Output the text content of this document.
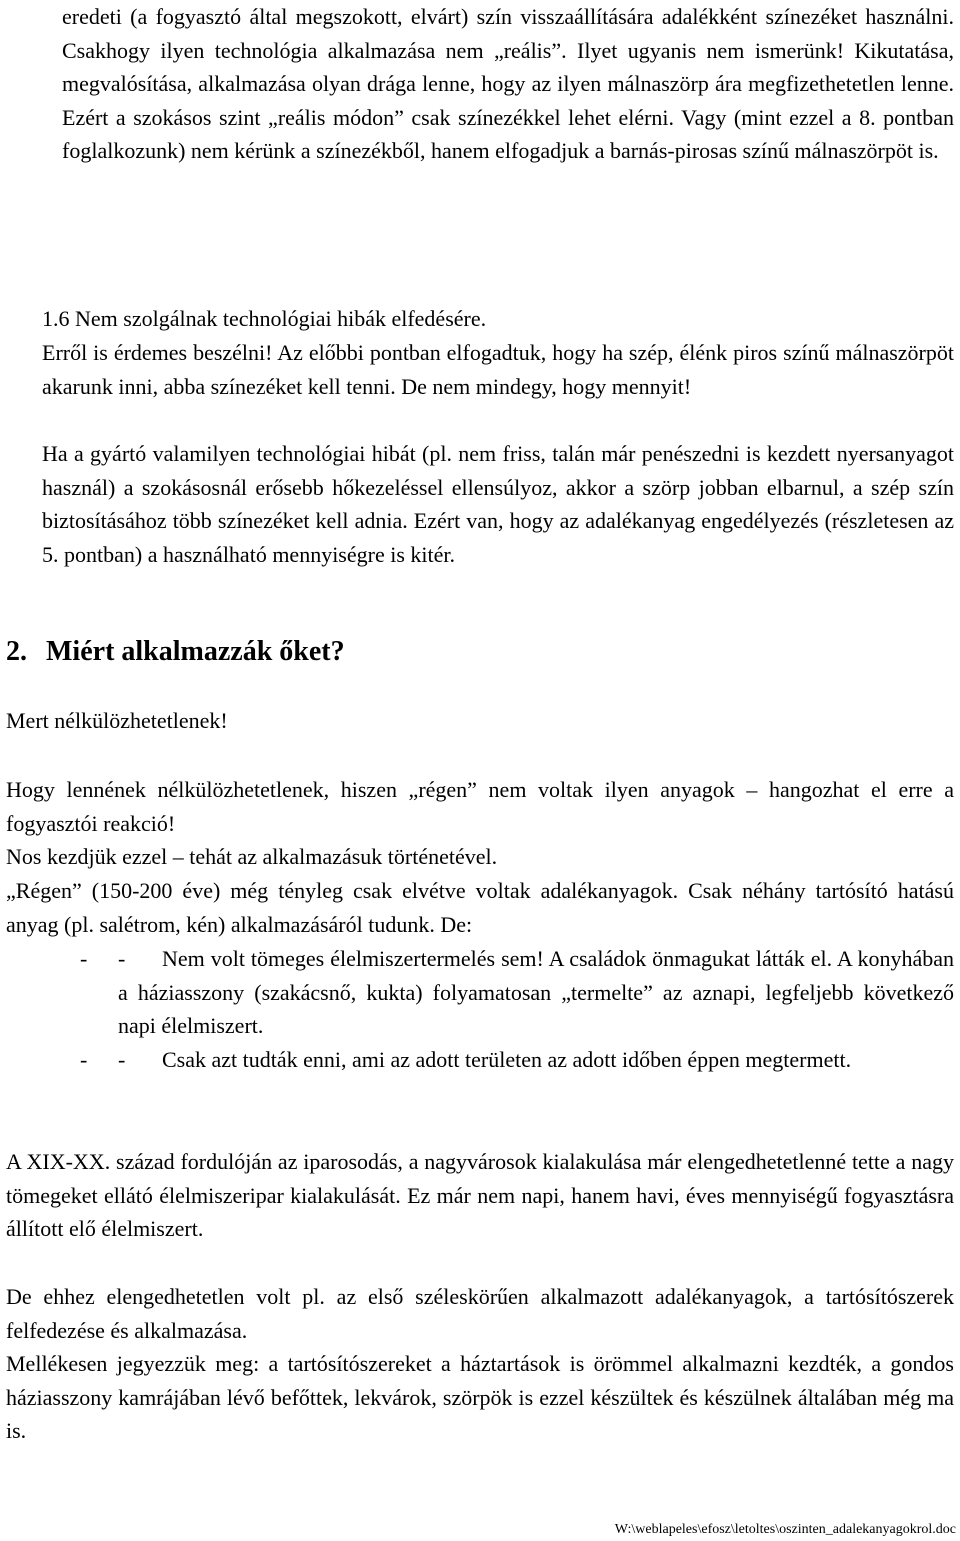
eredeti (a fogyasztó által megszokott, elvárt) szín visszaállítására adalékként színezéket használni. Csakhogy ilyen technológia alkalmazása nem „reális”. Ilyet ugyanis nem ismerünk! Kikutatása, megvalósítása, alkalmazása olyan drága lenne, hogy az ilyen málnaszörp ára megfizethetetlen lenne. Ezért a szokásos szint „reális módon” csak színezékkel lehet elérni. Vagy (mint ezzel a 8. pontban foglalkozunk) nem kérünk a színezékből, hanem elfogadjuk a barnás-pirosas színű málnaszörpöt is.

1.6 Nem szolgálnak technológiai hibák elfedésére.

Erről is érdemes beszélni! Az előbbi pontban elfogadtuk, hogy ha szép, élénk piros színű málnaszörpöt akarunk inni, abba színezéket kell tenni. De nem mindegy, hogy mennyit!

Ha a gyártó valamilyen technológiai hibát (pl. nem friss, talán már penészedni is kezdett nyersanyagot használ) a szokásosnál erősebb hőkezeléssel ellensúlyoz, akkor a szörp jobban elbarnul, a szép szín biztosításához több színezéket kell adnia. Ezért van, hogy az adalékanyag engedélyezés (részletesen az 5. pontban) a használható mennyiségre is kitér.

2. Miért alkalmazzák őket?

Mert nélkülözhetetlenek!

Hogy lennének nélkülözhetetlenek, hiszen „régen” nem voltak ilyen anyagok – hangozhat el erre a fogyasztói reakció!

Nos kezdjük ezzel – tehát az alkalmazásuk történetével.

„Régen” (150-200 éve) még tényleg csak elvétve voltak adalékanyagok. Csak néhány tartósító hatású anyag (pl. salétrom, kén) alkalmazásáról tudunk. De:

- -	Nem volt tömeges élelmiszertermelés sem! A családok önmagukat látták el. A konyhában a háziasszony (szakácsnő, kukta) folyamatosan „termelte” az aznapi, legfeljebb következő napi élelmiszert.
- -	Csak azt tudták enni, ami az adott területen az adott időben éppen megtermett.

A XIX-XX. század fordulóján az iparosodás, a nagyvárosok kialakulása már elengedhetetlenné tette a nagy tömegeket ellátó élelmiszeripar kialakulását. Ez már nem napi, hanem havi, éves mennyiségű fogyasztásra állított elő élelmiszert.

De ehhez elengedhetetlen volt pl. az első széleskörűen alkalmazott adalékanyagok, a tartósítószerek felfedezése és alkalmazása.

Mellékesen jegyezzük meg: a tartósítószereket a háztartások is örömmel alkalmazni kezdték, a gondos háziasszony kamrájában lévő befőttek, lekvárok, szörpök is ezzel készültek és készülnek általában még ma is.

W:\weblapeles\efosz\letoltes\oszinten_adalekanyagokrol.doc
